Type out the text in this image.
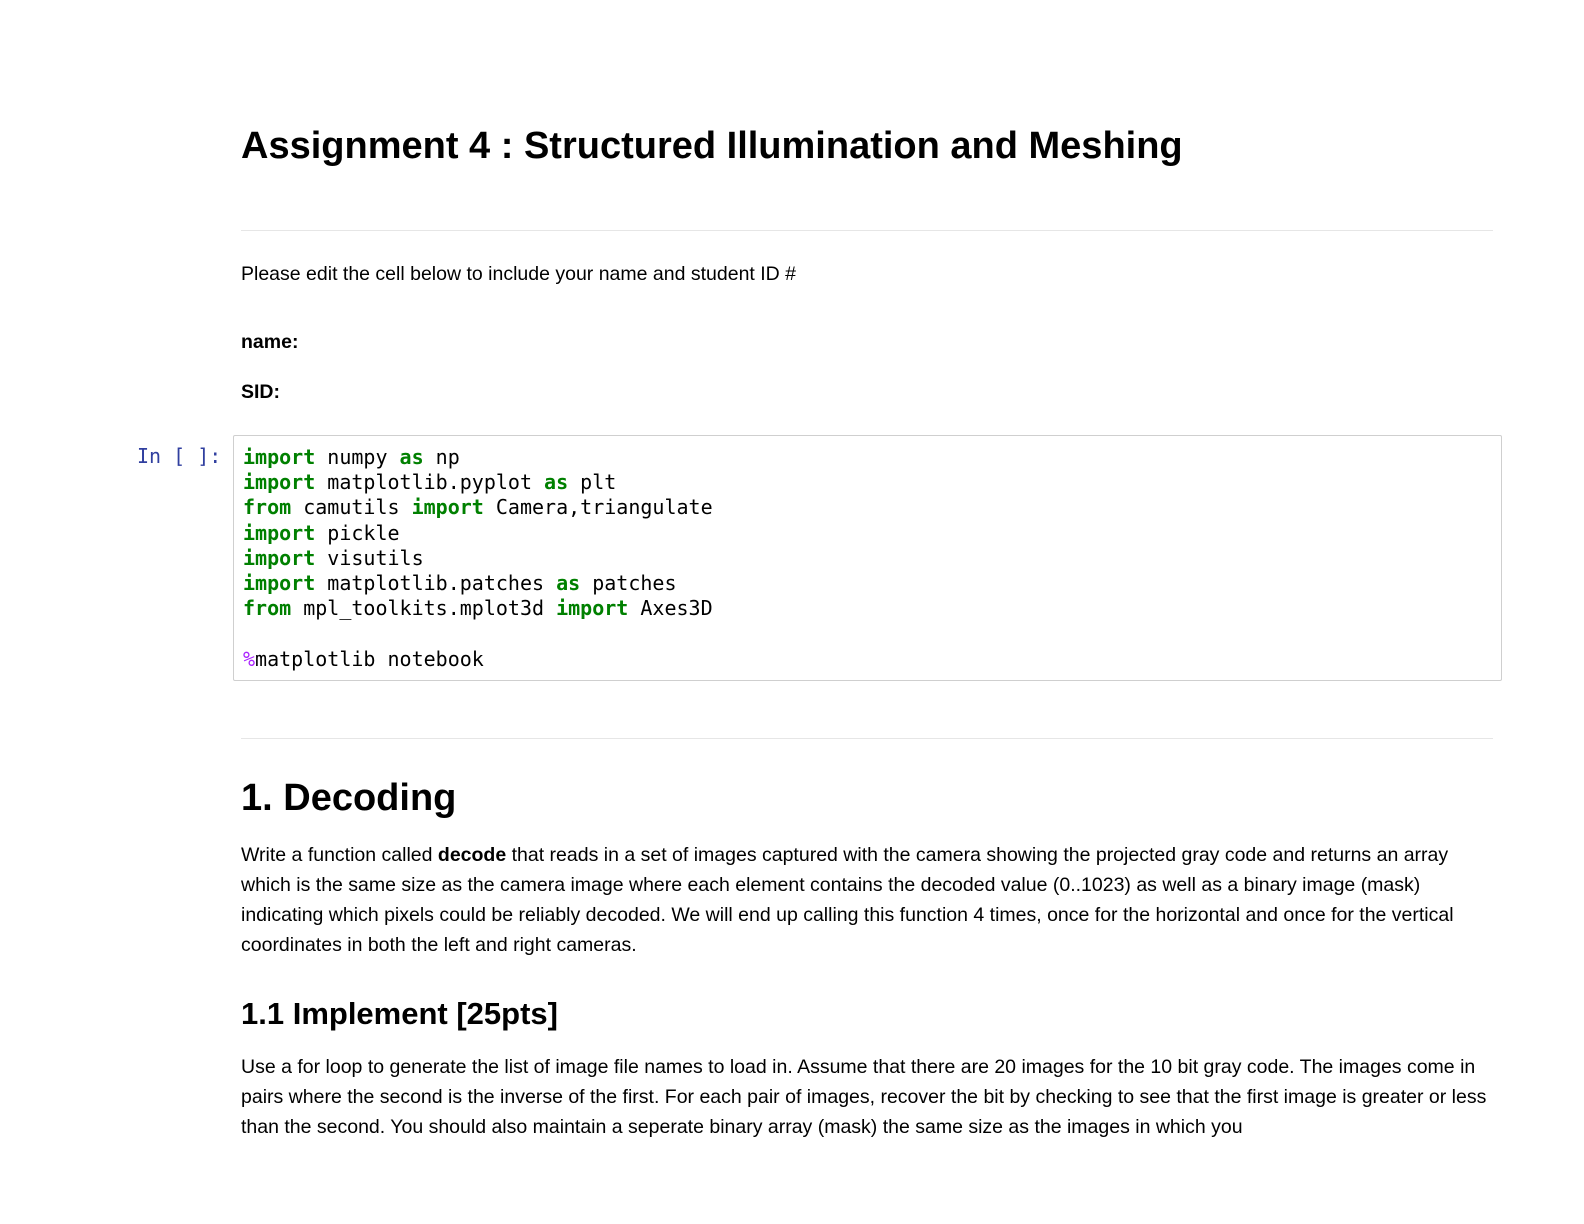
Assignment 4 : Structured Illumination and Meshing

Please edit the cell below to include your name and student ID #

name:
SID:
In [ ]: import numpy as np
import matplotlib.pyplot as plt
from camutils import Camera,triangulate
import pickle
import visutils
import matplotlib.patches as patches
from mpl_toolkits.mplot3d import Axes3D
%matplotlib notebook
1. Decoding

Write a function called decode that reads in a set of images captured with the camera showing the projected gray code and returns an array which is the same size as the camera image where each element contains the decoded value (0..1023) as well as a binary image (mask) indicating which pixels could be reliably decoded. We will end up calling this function 4 times, once for the horizontal and once for the vertical coordinates in both the left and right cameras.

1.1 Implement [25pts]

Use a for loop to generate the list of image file names to load in. Assume that there are 20 images for the 10 bit gray code. The images come in pairs where the second is the inverse of the first. For each pair of images, recover the bit by checking to see that the first image is greater or less than the second. You should also maintain a seperate binary array (mask) the same size as the images in which you
